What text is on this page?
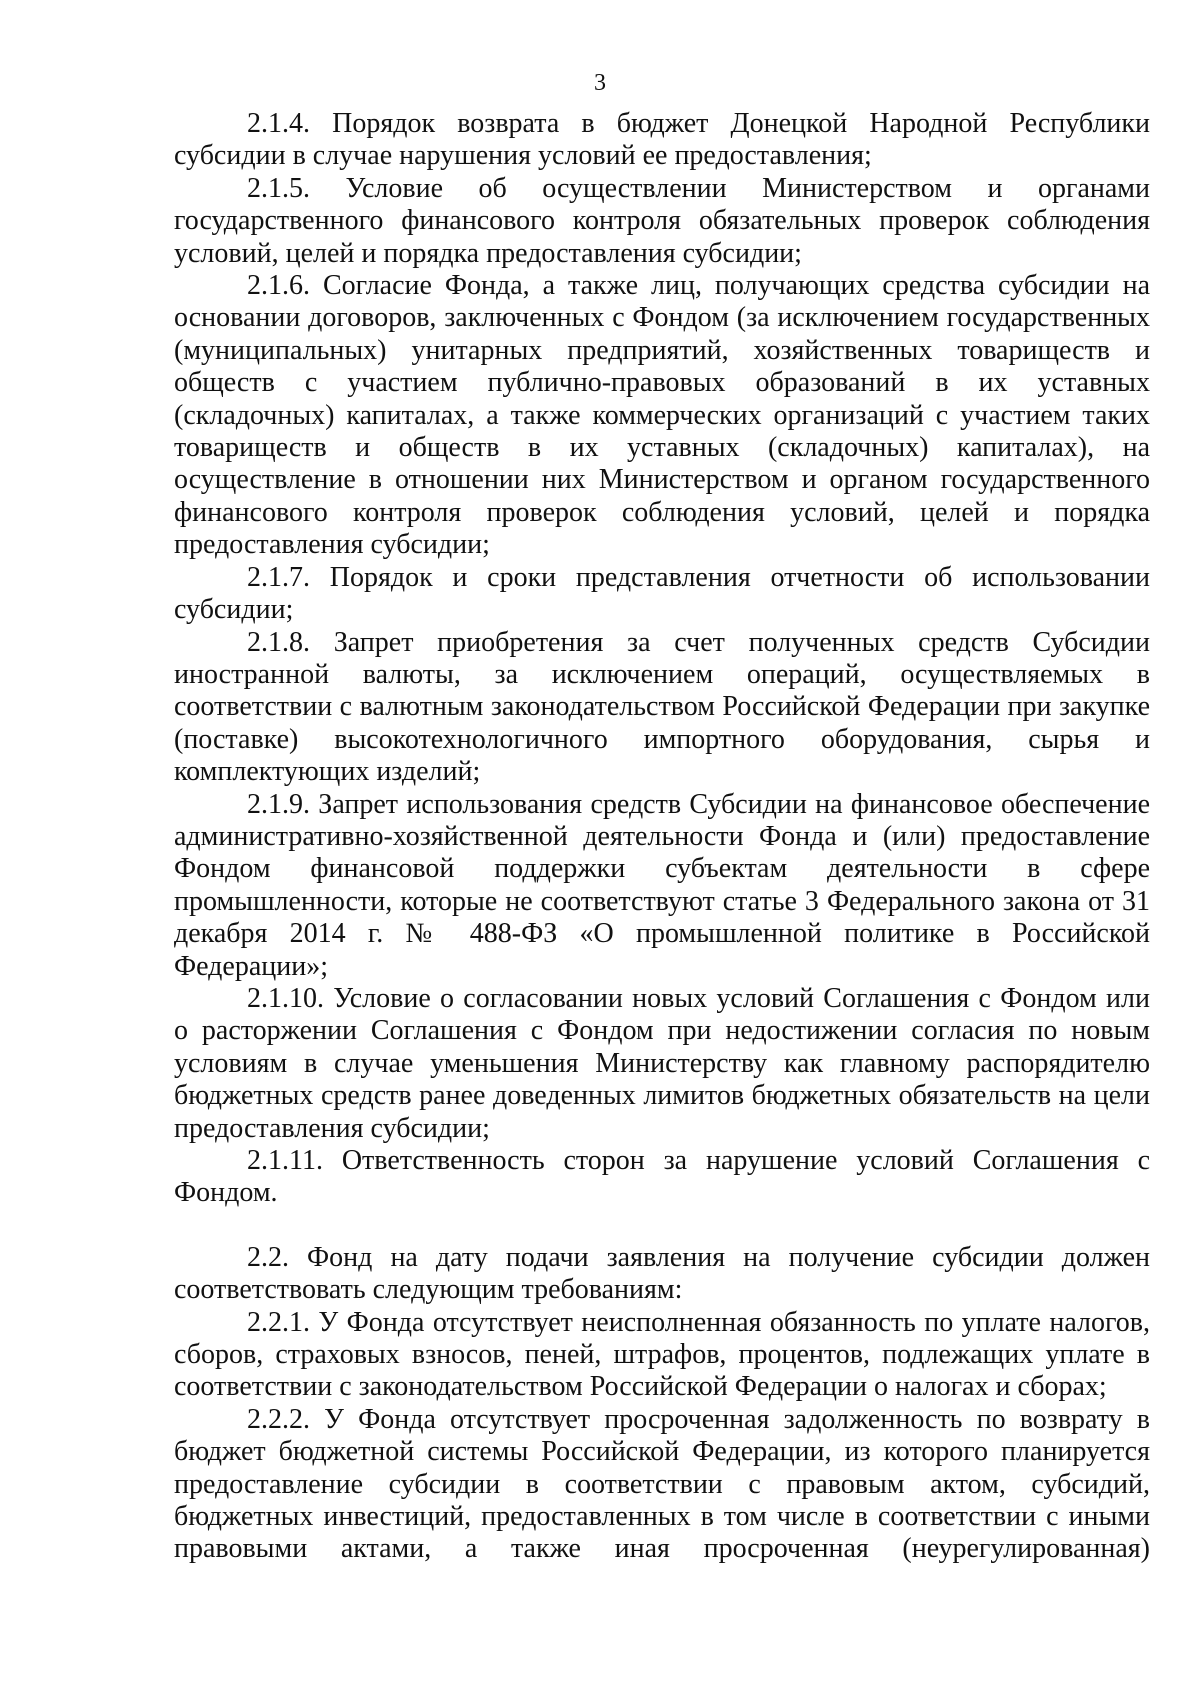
3

2.1.4. Порядок возврата в бюджет Донецкой Народной Республики субсидии в случае нарушения условий ее предоставления;

2.1.5. Условие об осуществлении Министерством и органами государственного финансового контроля обязательных проверок соблюдения условий, целей и порядка предоставления субсидии;

2.1.6. Согласие Фонда, а также лиц, получающих средства субсидии на основании договоров, заключенных с Фондом (за исключением государственных (муниципальных) унитарных предприятий, хозяйственных товариществ и обществ с участием публично-правовых образований в их уставных (складочных) капиталах, а также коммерческих организаций с участием таких товариществ и обществ в их уставных (складочных) капиталах), на осуществление в отношении них Министерством и органом государственного финансового контроля проверок соблюдения условий, целей и порядка предоставления субсидии;

2.1.7. Порядок и сроки представления отчетности об использовании субсидии;

2.1.8. Запрет приобретения за счет полученных средств Субсидии иностранной валюты, за исключением операций, осуществляемых в соответствии с валютным законодательством Российской Федерации при закупке (поставке) высокотехнологичного импортного оборудования, сырья и комплектующих изделий;

2.1.9. Запрет использования средств Субсидии на финансовое обеспечение административно-хозяйственной деятельности Фонда и (или) предоставление Фондом финансовой поддержки субъектам деятельности в сфере промышленности, которые не соответствуют статье 3 Федерального закона от 31 декабря 2014 г. № 488-ФЗ «О промышленной политике в Российской Федерации»;

2.1.10. Условие о согласовании новых условий Соглашения с Фондом или о расторжении Соглашения с Фондом при недостижении согласия по новым условиям в случае уменьшения Министерству как главному распорядителю бюджетных средств ранее доведенных лимитов бюджетных обязательств на цели предоставления субсидии;

2.1.11. Ответственность сторон за нарушение условий Соглашения с Фондом.

2.2. Фонд на дату подачи заявления на получение субсидии должен соответствовать следующим требованиям:

2.2.1. У Фонда отсутствует неисполненная обязанность по уплате налогов, сборов, страховых взносов, пеней, штрафов, процентов, подлежащих уплате в соответствии с законодательством Российской Федерации о налогах и сборах;

2.2.2. У Фонда отсутствует просроченная задолженность по возврату в бюджет бюджетной системы Российской Федерации, из которого планируется предоставление субсидии в соответствии с правовым актом, субсидий, бюджетных инвестиций, предоставленных в том числе в соответствии с иными правовыми актами, а также иная просроченная (неурегулированная)
